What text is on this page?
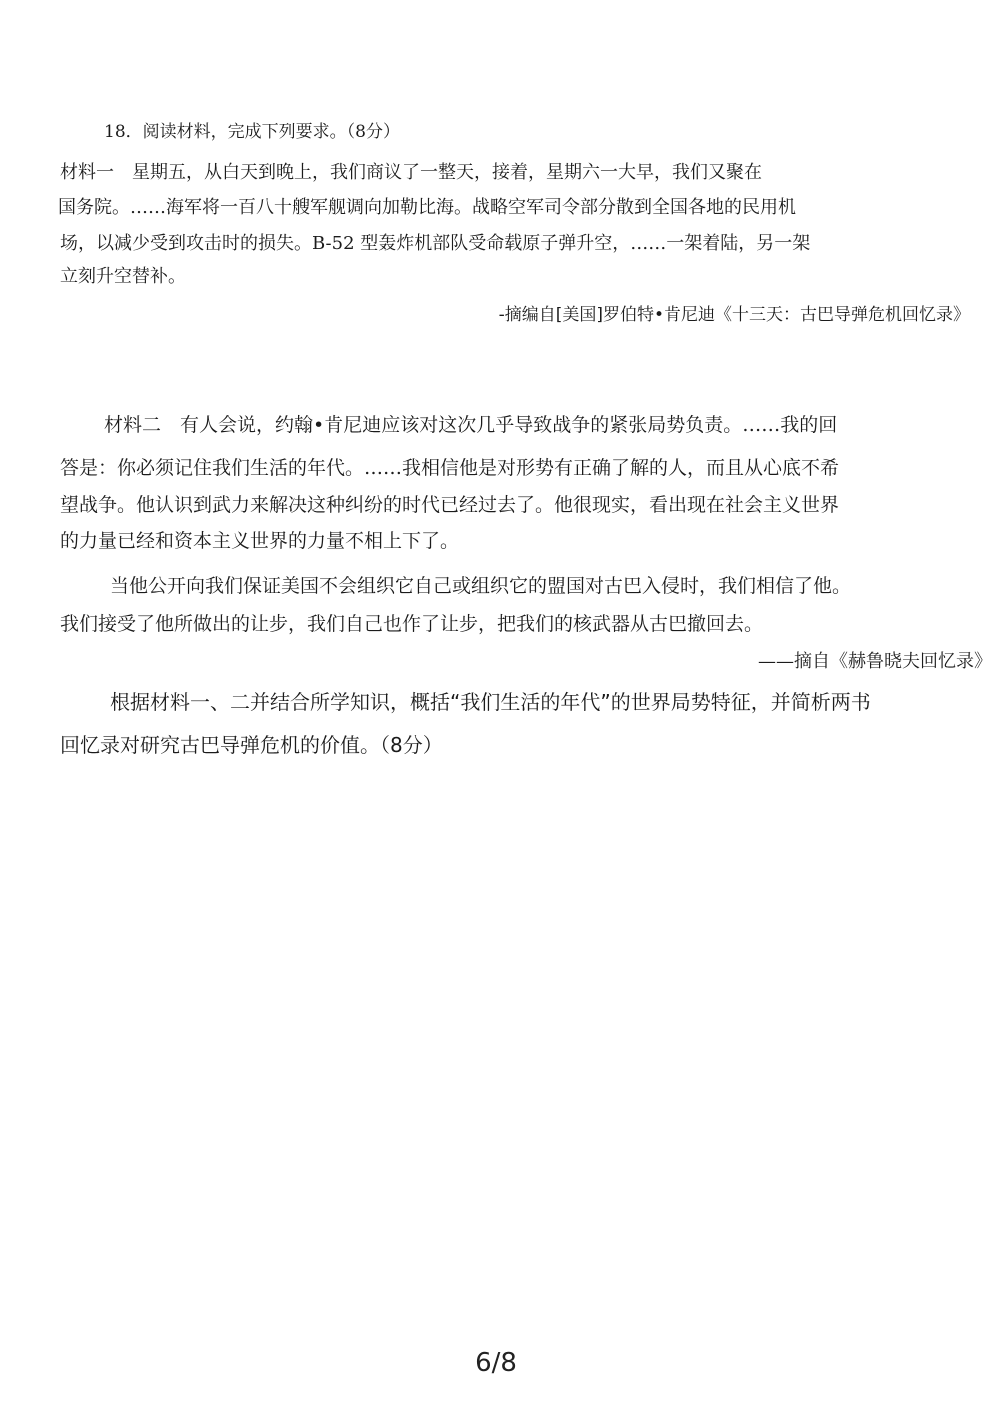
18．阅读材料，完成下列要求。（8分）
材料一　星期五，从白天到晚上，我们商议了一整天，接着，星期六一大早，我们又聚在
国务院。……海军将一百八十艘军舰调向加勒比海。战略空军司令部分散到全国各地的民用机
场，以减少受到攻击时的损失。B-52 型轰炸机部队受命载原子弹升空，……一架着陆，另一架
立刻升空替补。
-摘编自[美国]罗伯特•肯尼迪《十三天：古巴导弹危机回忆录》
材料二　有人会说，约翰•肯尼迪应该对这次几乎导致战争的紧张局势负责。……我的回
答是：你必须记住我们生活的年代。……我相信他是对形势有正确了解的人，而且从心底不希
望战争。他认识到武力来解决这种纠纷的时代已经过去了。他很现实，看出现在社会主义世界
的力量已经和资本主义世界的力量不相上下了。
当他公开向我们保证美国不会组织它自己或组织它的盟国对古巴入侵时，我们相信了他。
我们接受了他所做出的让步，我们自己也作了让步，把我们的核武器从古巴撤回去。
——摘自《赫鲁晓夫回忆录》
根据材料一、二并结合所学知识，概括“我们生活的年代”的世界局势特征，并简析两书
回忆录对研究古巴导弹危机的价值。（8分）
6/8
